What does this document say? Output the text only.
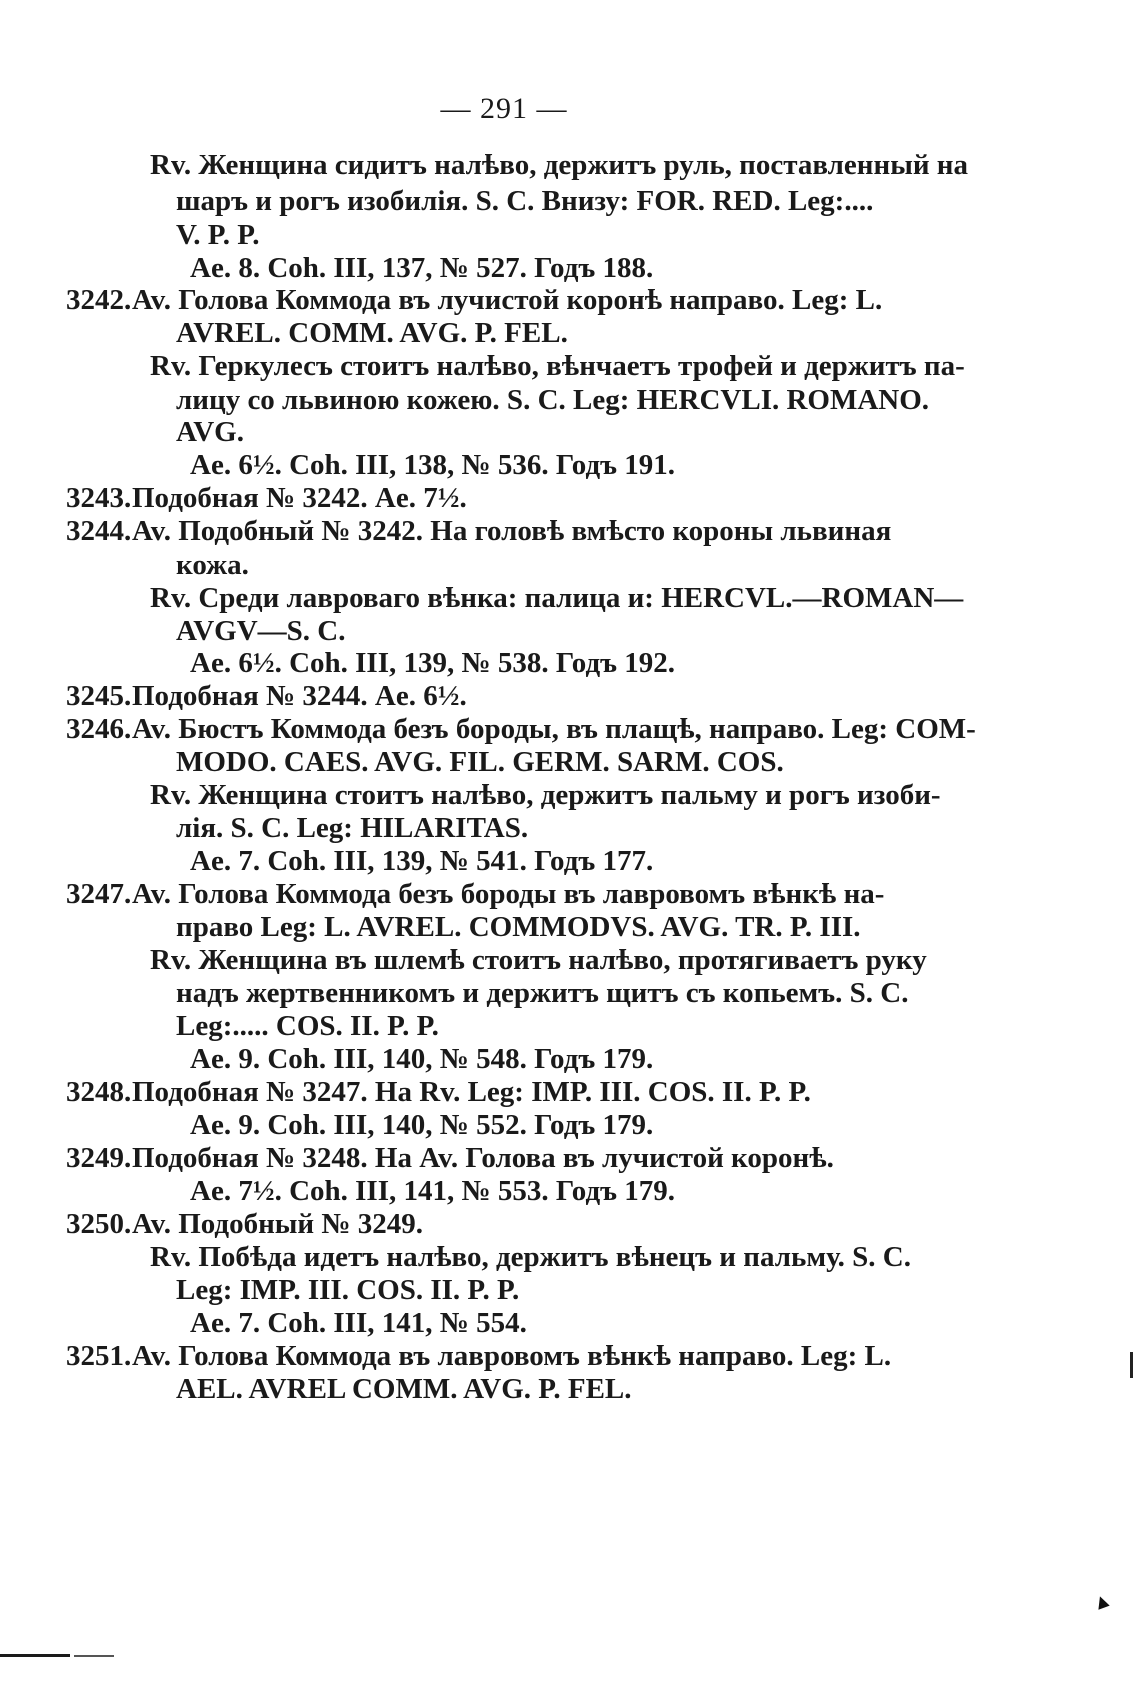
— 291 —
Rv. Женщина сидитъ налѣво, держитъ руль, поставленный на
шаръ и рогъ изобилія. S. C. Внизу: FOR. RED. Leg:....
V. P. P.
Ae. 8. Coh. III, 137, № 527. Годъ 188.
3242. Av. Голова Коммода въ лучистой коронѣ направо. Leg: L.
AVREL. COMM. AVG. P. FEL.
Rv. Геркулесъ стоитъ налѣво, вѣнчаетъ трофей и держитъ па-
лицу со львиною кожею. S. C. Leg: HERCVLI. ROMANO.
AVG.
Ae. 6½. Coh. III, 138, № 536. Годъ 191.
3243. Подобная № 3242. Ae. 7½.
3244. Av. Подобный № 3242. На головѣ вмѣсто короны львиная
кожа.
Rv. Среди лавроваго вѣнка: палица и: HERCVL.—ROMAN—
AVGV—S. C.
Ae. 6½. Coh. III, 139, № 538. Годъ 192.
3245. Подобная № 3244. Ae. 6½.
3246. Av. Бюстъ Коммода безъ бороды, въ плащѣ, направо. Leg: COM-
MODO. CAES. AVG. FIL. GERM. SARM. COS.
Rv. Женщина стоитъ налѣво, держитъ пальму и рогъ изоби-
лія. S. C. Leg: HILARITAS.
Ae. 7. Coh. III, 139, № 541. Годъ 177.
3247. Av. Голова Коммода безъ бороды въ лавровомъ вѣнкѣ на-
право Leg: L. AVREL. COMMODVS. AVG. TR. P. III.
Rv. Женщина въ шлемѣ стоитъ налѣво, протягиваетъ руку
надъ жертвенникомъ и держитъ щитъ съ копьемъ. S. C.
Leg:..... COS. II. P. P.
Ae. 9. Coh. III, 140, № 548. Годъ 179.
3248. Подобная № 3247. На Rv. Leg: IMP. III. COS. II. P. P.
Ae. 9. Coh. III, 140, № 552. Годъ 179.
3249. Подобная № 3248. На Av. Голова въ лучистой коронѣ.
Ae. 7½. Coh. III, 141, № 553. Годъ 179.
3250. Av. Подобный № 3249.
Rv. Побѣда идетъ налѣво, держитъ вѣнецъ и пальму. S. C.
Leg: IMP. III. COS. II. P. P.
Ae. 7. Coh. III, 141, № 554.
3251. Av. Голова Коммода въ лавровомъ вѣнкѣ направо. Leg: L.
AEL. AVREL COMM. AVG. P. FEL.
